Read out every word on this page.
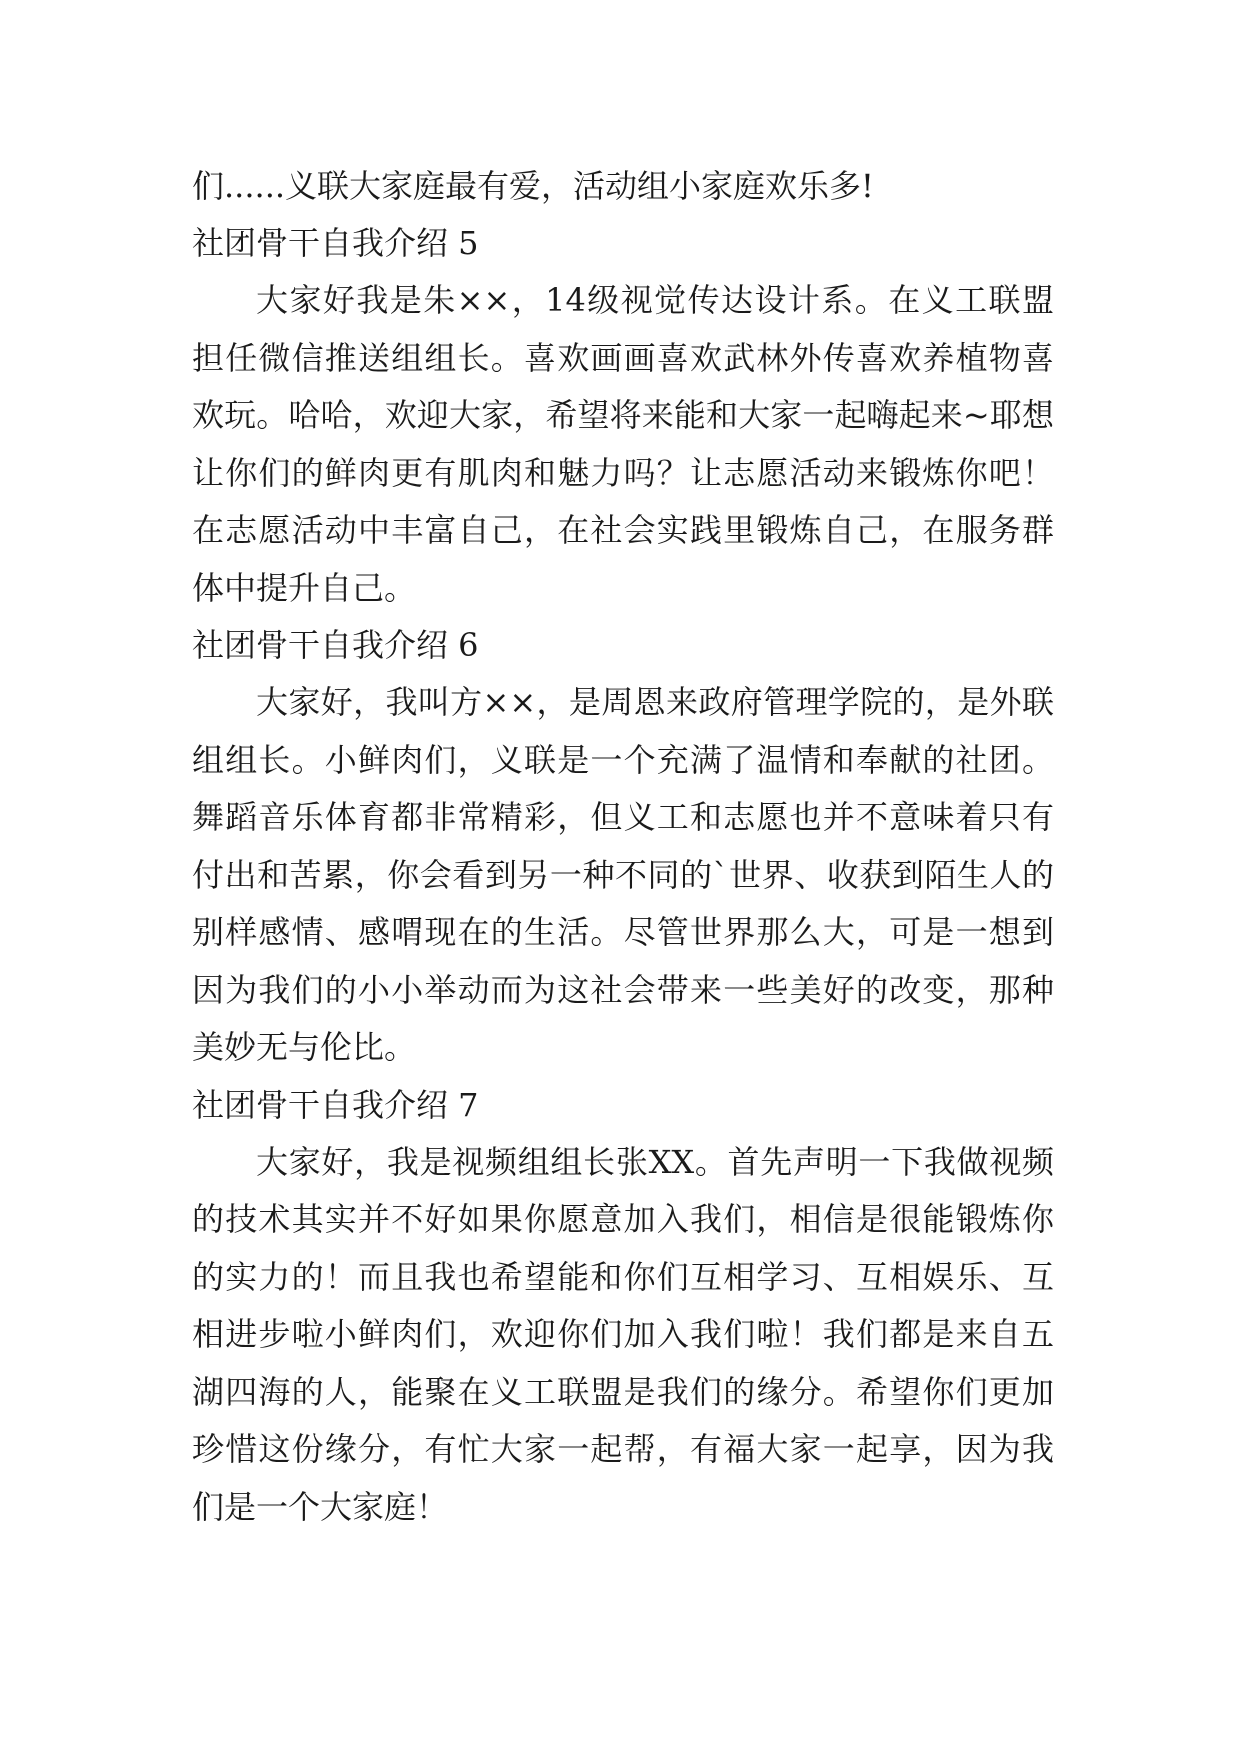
们......义联大家庭最有爱，活动组小家庭欢乐多!
社团骨干自我介绍 5

大家好我是朱××，14级视觉传达设计系。在义工联盟担任微信推送组组长。喜欢画画喜欢武林外传喜欢养植物喜欢玩。哈哈，欢迎大家，希望将来能和大家一起嗨起来~耶想让你们的鲜肉更有肌肉和魅力吗？让志愿活动来锻炼你吧！在志愿活动中丰富自己，在社会实践里锻炼自己，在服务群体中提升自己。

社团骨干自我介绍 6

大家好，我叫方××，是周恩来政府管理学院的，是外联组组长。小鲜肉们，义联是一个充满了温情和奉献的社团。舞蹈音乐体育都非常精彩，但义工和志愿也并不意味着只有付出和苦累，你会看到另一种不同的`世界、收获到陌生人的别样感情、感喟现在的生活。尽管世界那么大，可是一想到因为我们的小小举动而为这社会带来一些美好的改变，那种美妙无与伦比。

社团骨干自我介绍 7

大家好，我是视频组组长张XX。首先声明一下我做视频的技术其实并不好如果你愿意加入我们，相信是很能锻炼你的实力的！而且我也希望能和你们互相学习、互相娱乐、互相进步啦小鲜肉们，欢迎你们加入我们啦！我们都是来自五湖四海的人，能聚在义工联盟是我们的缘分。希望你们更加珍惜这份缘分，有忙大家一起帮，有福大家一起享，因为我们是一个大家庭！
